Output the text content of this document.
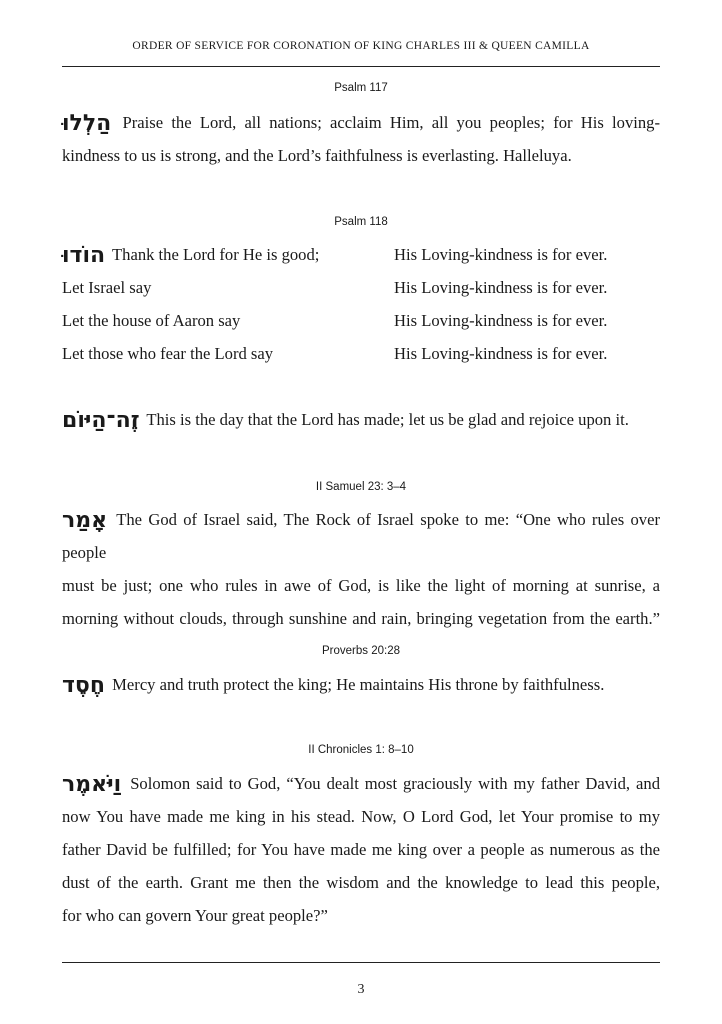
ORDER OF SERVICE FOR CORONATION OF KING CHARLES III & QUEEN CAMILLA
Psalm 117
הַלְלוּ Praise the Lord, all nations; acclaim Him, all you peoples; for His loving-
kindness to us is strong, and the Lord’s faithfulness is everlasting. Halleluya.
Psalm 118
הוֹדוּ Thank the Lord for He is good;	His Loving-kindness is for ever.
Let Israel say	His Loving-kindness is for ever.
Let the house of Aaron say	His Loving-kindness is for ever.
Let those who fear the Lord say	His Loving-kindness is for ever.
זֶה־הַיּוֹם This is the day that the Lord has made; let us be glad and rejoice upon it.
II Samuel 23: 3–4
אָמַר The God of Israel said, The Rock of Israel spoke to me: “One who rules over people
must be just; one who rules in awe of God, is like the light of morning at sunrise, a
morning without clouds, through sunshine and rain, bringing vegetation from the earth.”
Proverbs 20:28
חֶסֶד Mercy and truth protect the king; He maintains His throne by faithfulness.
II Chronicles 1: 8–10
וַיֹּאמֶר Solomon said to God, “You dealt most graciously with my father David, and
now You have made me king in his stead. Now, O Lord God, let Your promise to my
father David be fulfilled; for You have made me king over a people as numerous as the
dust of the earth. Grant me then the wisdom and the knowledge to lead this people,
for who can govern Your great people?”
3
